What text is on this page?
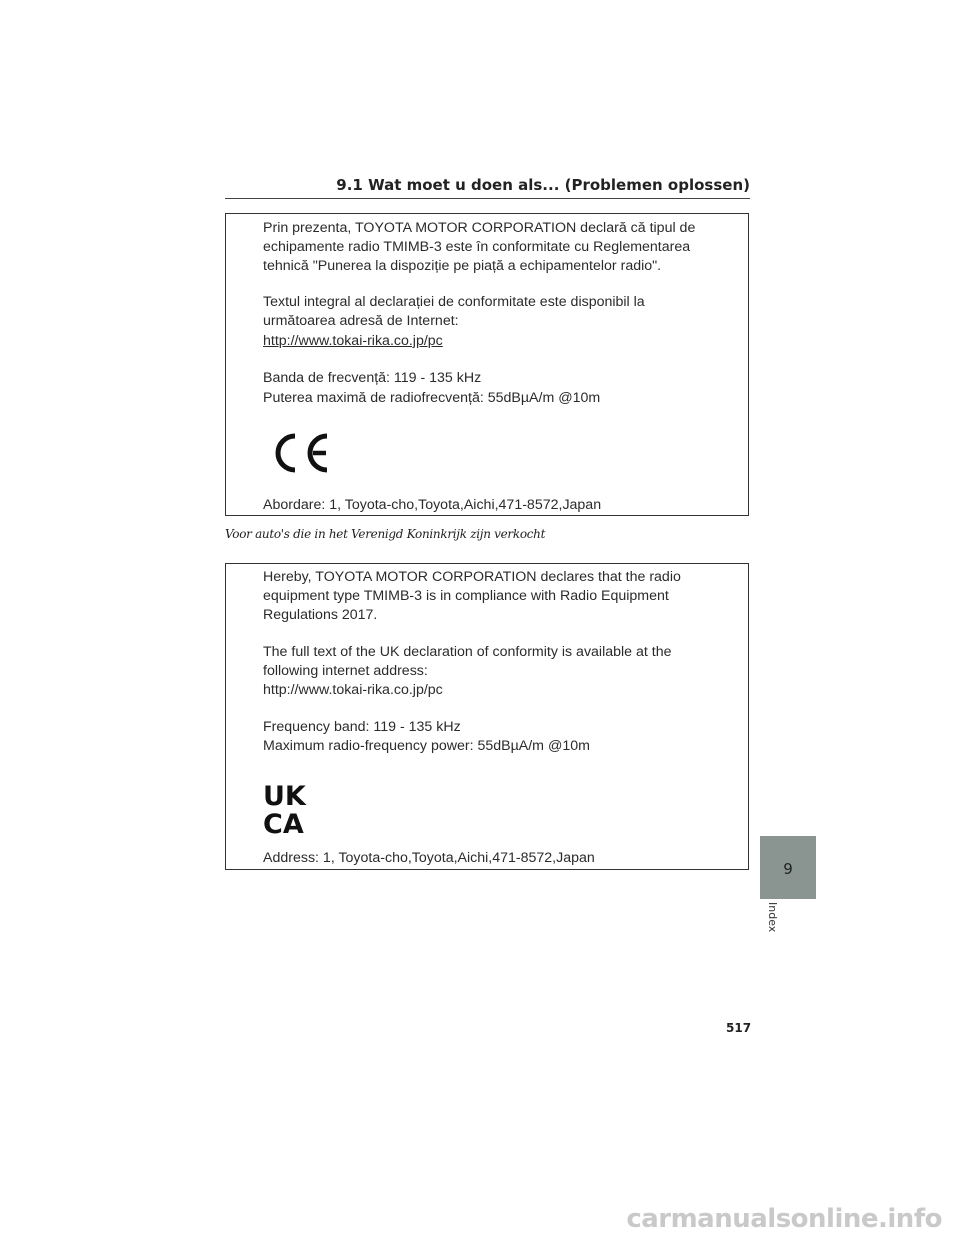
9.1 Wat moet u doen als... (Problemen oplossen)
Prin prezenta, TOYOTA MOTOR CORPORATION declară că tipul de
echipamente radio TMIMB-3 este în conformitate cu Reglementarea
tehnică "Punerea la dispoziție pe piață a echipamentelor radio".
Textul integral al declarației de conformitate este disponibil la
următoarea adresă de Internet:
http://www.tokai-rika.co.jp/pc
Banda de frecvență: 119 - 135 kHz
Puterea maximă de radiofrecvență: 55dBµA/m @10m
Abordare: 1, Toyota-cho,Toyota,Aichi,471-8572,Japan
Voor auto's die in het Verenigd Koninkrijk zijn verkocht
Hereby, TOYOTA MOTOR CORPORATION declares that the radio
equipment type TMIMB-3 is in compliance with Radio Equipment
Regulations 2017.
The full text of the UK declaration of conformity is available at the
following internet address:
http://www.tokai-rika.co.jp/pc
Frequency band: 119 - 135 kHz
Maximum radio-frequency power: 55dBµA/m @10m
UK
CA
Address: 1, Toyota-cho,Toyota,Aichi,471-8572,Japan
9
Index
517
carmanualsonline.info
